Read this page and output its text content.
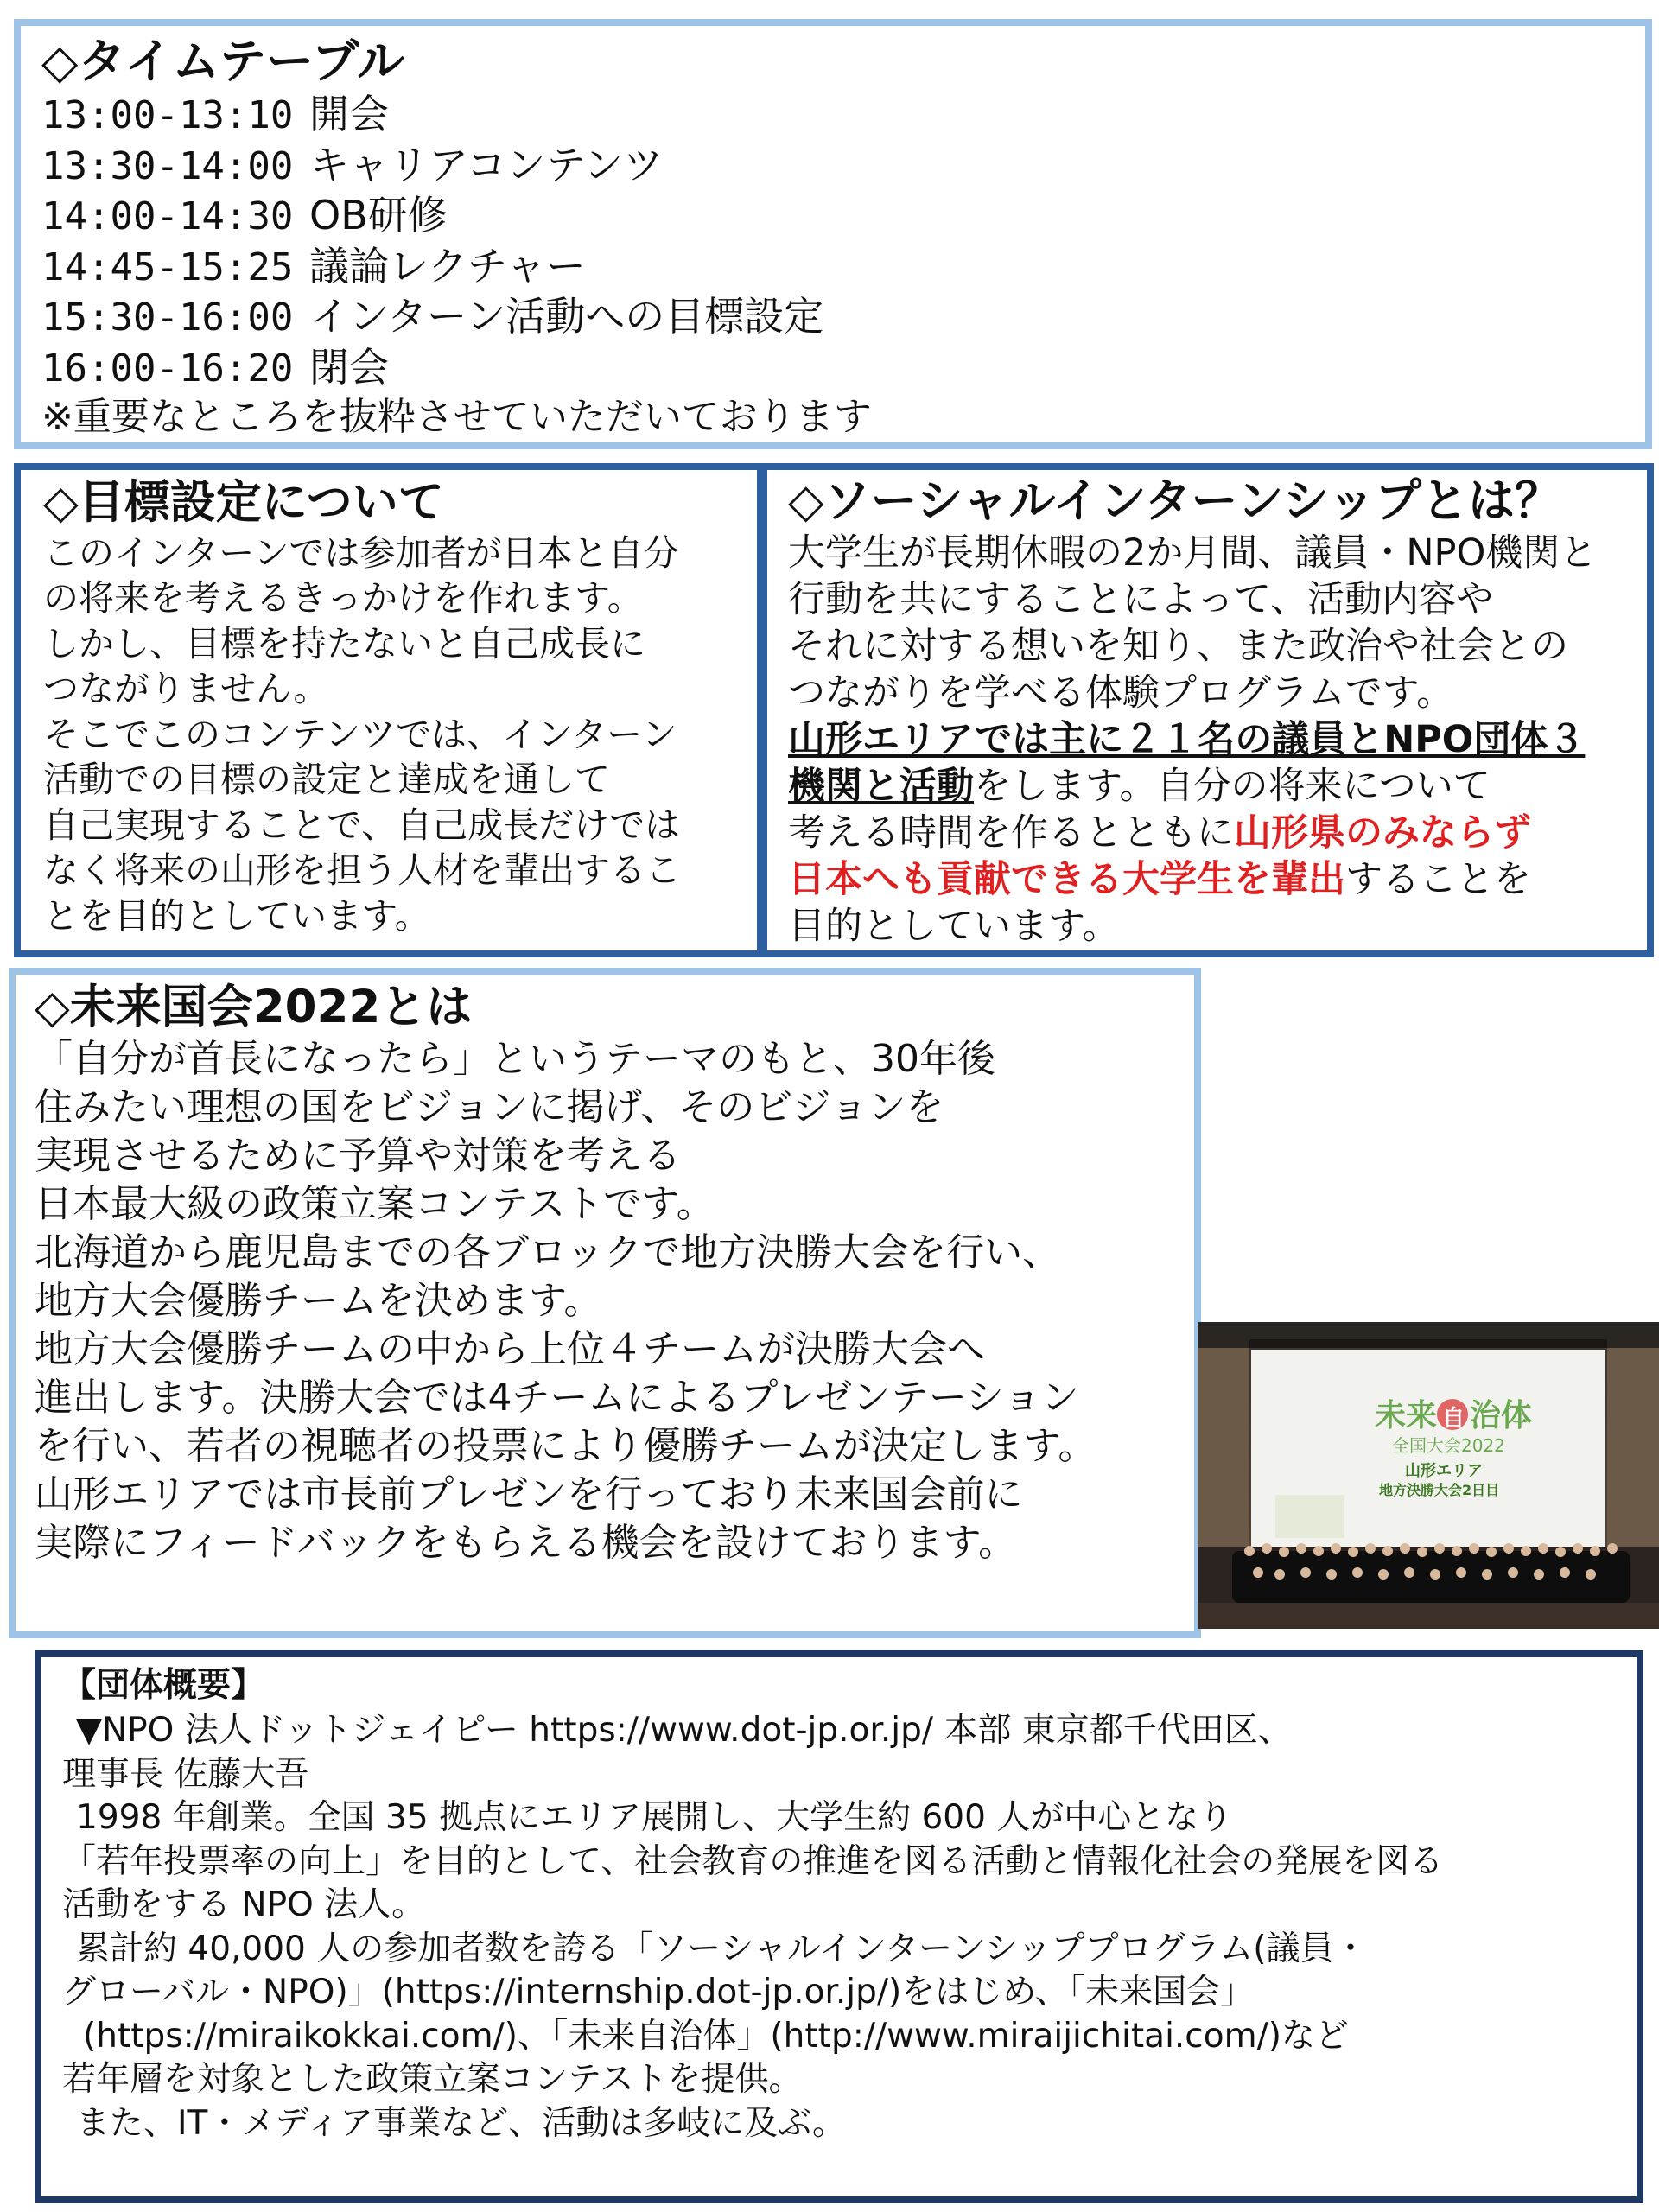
◇タイムテーブル
13:00-13:10 開会
13:30-14:00 キャリアコンテンツ
14:00-14:30 OB研修
14:45-15:25 議論レクチャー
15:30-16:00 インターン活動への目標設定
16:00-16:20 閉会
※重要なところを抜粋させていただいております
◇目標設定について

このインターンでは参加者が日本と自分

の将来を考えるきっかけを作れます。

しかし、目標を持たないと自己成長に

つながりません。

そこでこのコンテンツでは、インターン

活動での目標の設定と達成を通して

自己実現することで、自己成長だけでは

なく将来の山形を担う人材を輩出するこ

とを目的としています。

◇ソーシャルインターンシップとは？

大学生が長期休暇の2か月間、議員・NPO機関と

行動を共にすることによって、活動内容や

それに対する想いを知り、また政治や社会との

つながりを学べる体験プログラムです。

山形エリアでは主に２１名の議員とNPO団体３

機関と活動をします。自分の将来について

考える時間を作るとともに山形県のみならず

日本へも貢献できる大学生を輩出することを

目的としています。

◇未来国会2022とは

「自分が首長になったら」というテーマのもと、30年後

住みたい理想の国をビジョンに掲げ、そのビジョンを

実現させるために予算や対策を考える

日本最大級の政策立案コンテストです。

北海道から鹿児島までの各ブロックで地方決勝大会を行い、

地方大会優勝チームを決めます。

地方大会優勝チームの中から上位４チームが決勝大会へ

進出します。決勝大会では4チームによるプレゼンテーション

を行い、若者の視聴者の投票により優勝チームが決定します。

山形エリアでは市長前プレゼンを行っており未来国会前に

実際にフィードバックをもらえる機会を設けております。

未来 自 治体
全国大会2022
山形エリア
地方決勝大会2日目
【団体概要】

▼NPO 法人ドットジェイピー https://www.dot-jp.or.jp/ 本部 東京都千代田区、

理事長 佐藤大吾

1998 年創業。全国 35 拠点にエリア展開し、大学生約 600 人が中心となり

「若年投票率の向上」を目的として、社会教育の推進を図る活動と情報化社会の発展を図る

活動をする NPO 法人。

累計約 40,000 人の参加者数を誇る「ソーシャルインターンシッププログラム(議員・

グローバル・NPO)」(https://internship.dot-jp.or.jp/)をはじめ、「未来国会」

(https://miraikokkai.com/)、「未来自治体」(http://www.miraijichitai.com/)など

若年層を対象とした政策立案コンテストを提供。

また、IT・メディア事業など、活動は多岐に及ぶ。
